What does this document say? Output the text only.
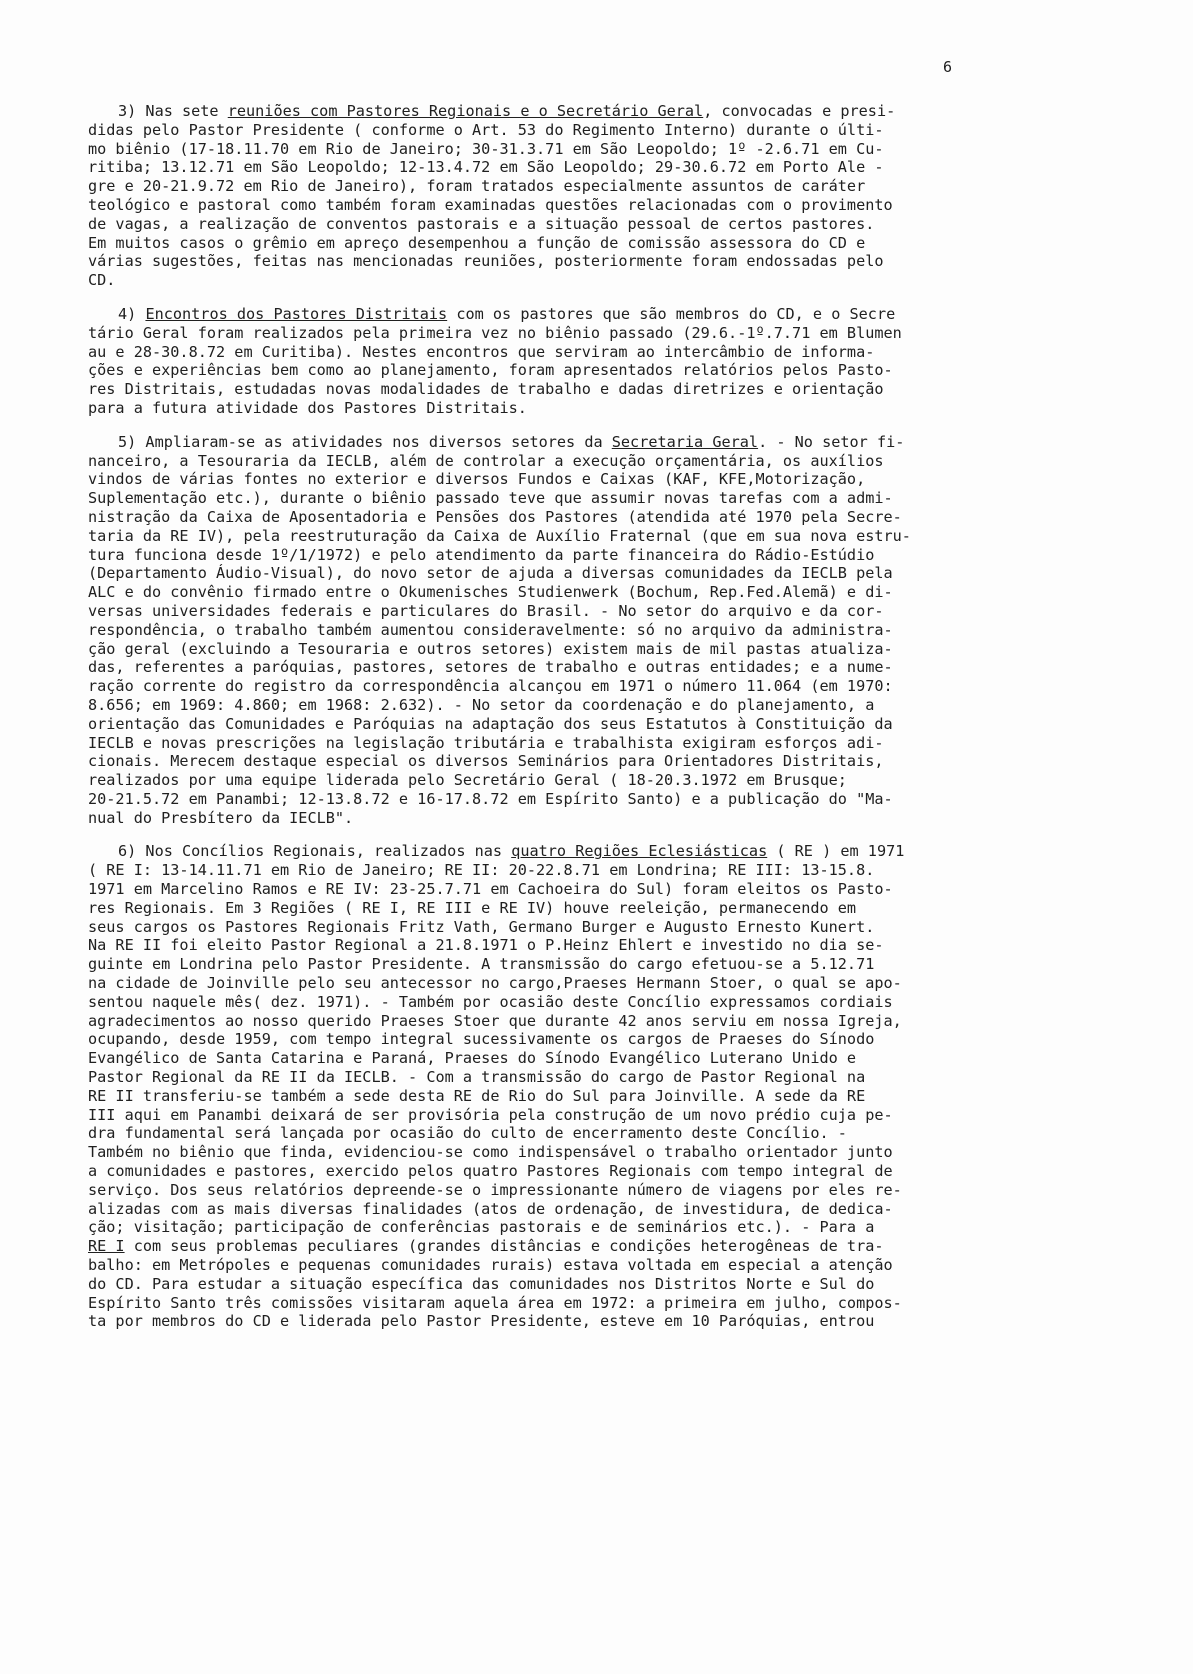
6
3) Nas sete reuniões com Pastores Regionais e o Secretário Geral, convocadas e presi-
didas pelo Pastor Presidente ( conforme o Art. 53 do Regimento Interno) durante o últi-
mo biênio (17-18.11.70 em Rio de Janeiro; 30-31.3.71 em São Leopoldo; 1º -2.6.71 em Cu-
ritiba; 13.12.71 em São Leopoldo; 12-13.4.72 em São Leopoldo; 29-30.6.72 em Porto Ale -
gre e 20-21.9.72 em Rio de Janeiro), foram tratados especialmente assuntos de caráter
teológico e pastoral como também foram examinadas questões relacionadas com o provimento
de vagas, a realização de conventos pastorais e a situação pessoal de certos pastores.
Em muitos casos o grêmio em apreço desempenhou a função de comissão assessora do CD e
várias sugestões, feitas nas mencionadas reuniões, posteriormente foram endossadas pelo
CD.
4) Encontros dos Pastores Distritais com os pastores que são membros do CD, e o Secre
tário Geral foram realizados pela primeira vez no biênio passado (29.6.-1º.7.71 em Blumen
au e 28-30.8.72 em Curitiba). Nestes encontros que serviram ao intercâmbio de informa-
ções e experiências bem como ao planejamento, foram apresentados relatórios pelos Pasto-
res Distritais, estudadas novas modalidades de trabalho e dadas diretrizes e orientação
para a futura atividade dos Pastores Distritais.
5) Ampliaram-se as atividades nos diversos setores da Secretaria Geral. - No setor fi-
nanceiro, a Tesouraria da IECLB, além de controlar a execução orçamentária, os auxílios
vindos de várias fontes no exterior e diversos Fundos e Caixas (KAF, KFE,Motorização,
Suplementação etc.), durante o biênio passado teve que assumir novas tarefas com a admi-
nistração da Caixa de Aposentadoria e Pensões dos Pastores (atendida até 1970 pela Secre-
taria da RE IV), pela reestruturação da Caixa de Auxílio Fraternal (que em sua nova estru-
tura funciona desde 1º/1/1972) e pelo atendimento da parte financeira do Rádio-Estúdio
(Departamento Áudio-Visual), do novo setor de ajuda a diversas comunidades da IECLB pela
ALC e do convênio firmado entre o Okumenisches Studienwerk (Bochum, Rep.Fed.Alemã) e di-
versas universidades federais e particulares do Brasil. - No setor do arquivo e da cor-
respondência, o trabalho também aumentou consideravelmente: só no arquivo da administra-
ção geral (excluindo a Tesouraria e outros setores) existem mais de mil pastas atualiza-
das, referentes a paróquias, pastores, setores de trabalho e outras entidades; e a nume-
ração corrente do registro da correspondência alcançou em 1971 o número 11.064 (em 1970:
8.656; em 1969: 4.860; em 1968: 2.632). - No setor da coordenação e do planejamento, a
orientação das Comunidades e Paróquias na adaptação dos seus Estatutos à Constituição da
IECLB e novas prescrições na legislação tributária e trabalhista exigiram esforços adi-
cionais. Merecem destaque especial os diversos Seminários para Orientadores Distritais,
realizados por uma equipe liderada pelo Secretário Geral ( 18-20.3.1972 em Brusque;
20-21.5.72 em Panambi; 12-13.8.72 e 16-17.8.72 em Espírito Santo) e a publicação do "Ma-
nual do Presbítero da IECLB".
6) Nos Concílios Regionais, realizados nas quatro Regiões Eclesiásticas ( RE ) em 1971
( RE I: 13-14.11.71 em Rio de Janeiro; RE II: 20-22.8.71 em Londrina; RE III: 13-15.8.
1971 em Marcelino Ramos e RE IV: 23-25.7.71 em Cachoeira do Sul) foram eleitos os Pasto-
res Regionais. Em 3 Regiões ( RE I, RE III e RE IV) houve reeleição, permanecendo em
seus cargos os Pastores Regionais Fritz Vath, Germano Burger e Augusto Ernesto Kunert.
Na RE II foi eleito Pastor Regional a 21.8.1971 o P.Heinz Ehlert e investido no dia se-
guinte em Londrina pelo Pastor Presidente. A transmissão do cargo efetuou-se a 5.12.71
na cidade de Joinville pelo seu antecessor no cargo,Praeses Hermann Stoer, o qual se apo-
sentou naquele mês( dez. 1971). - Também por ocasião deste Concílio expressamos cordiais
agradecimentos ao nosso querido Praeses Stoer que durante 42 anos serviu em nossa Igreja,
ocupando, desde 1959, com tempo integral sucessivamente os cargos de Praeses do Sínodo
Evangélico de Santa Catarina e Paraná, Praeses do Sínodo Evangélico Luterano Unido e
Pastor Regional da RE II da IECLB. - Com a transmissão do cargo de Pastor Regional na
RE II transferiu-se também a sede desta RE de Rio do Sul para Joinville. A sede da RE
III aqui em Panambi deixará de ser provisória pela construção de um novo prédio cuja pe-
dra fundamental será lançada por ocasião do culto de encerramento deste Concílio. -
Também no biênio que finda, evidenciou-se como indispensável o trabalho orientador junto
a comunidades e pastores, exercido pelos quatro Pastores Regionais com tempo integral de
serviço. Dos seus relatórios depreende-se o impressionante número de viagens por eles re-
alizadas com as mais diversas finalidades (atos de ordenação, de investidura, de dedica-
ção; visitação; participação de conferências pastorais e de seminários etc.). - Para a
RE I com seus problemas peculiares (grandes distâncias e condições heterogêneas de tra-
balho: em Metrópoles e pequenas comunidades rurais) estava voltada em especial a atenção
do CD. Para estudar a situação específica das comunidades nos Distritos Norte e Sul do
Espírito Santo três comissões visitaram aquela área em 1972: a primeira em julho, compos-
ta por membros do CD e liderada pelo Pastor Presidente, esteve em 10 Paróquias, entrou
